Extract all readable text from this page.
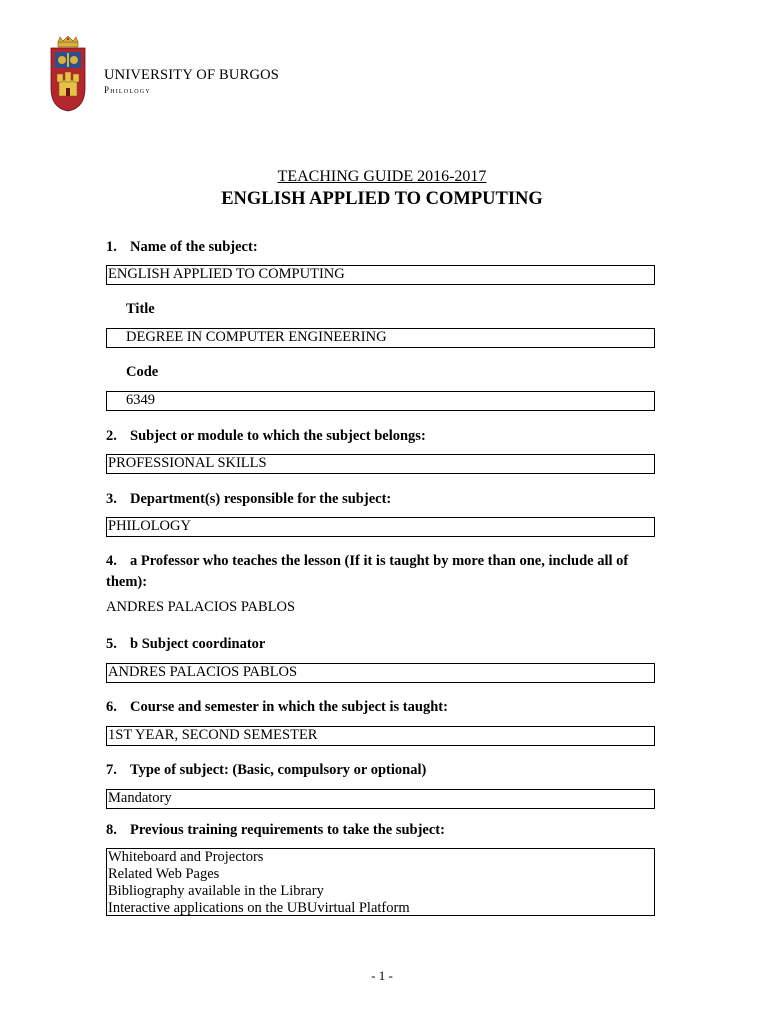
UNIVERSITY OF BURGOS
Philology
TEACHING GUIDE 2016-2017
ENGLISH APPLIED TO COMPUTING
1. Name of the subject:
ENGLISH APPLIED TO COMPUTING
Title
DEGREE IN COMPUTER ENGINEERING
Code
6349
2. Subject or module to which the subject belongs:
PROFESSIONAL SKILLS
3. Department(s) responsible for the subject:
PHILOLOGY
4. a Professor who teaches the lesson (If it is taught by more than one, include all of them):
ANDRES PALACIOS PABLOS
5. b Subject coordinator
ANDRES PALACIOS PABLOS
6. Course and semester in which the subject is taught:
1ST YEAR, SECOND SEMESTER
7. Type of subject: (Basic, compulsory or optional)
Mandatory
8. Previous training requirements to take the subject:
Whiteboard and Projectors
Related Web Pages
Bibliography available in the Library
Interactive applications on the UBUvirtual Platform
- 1 -
